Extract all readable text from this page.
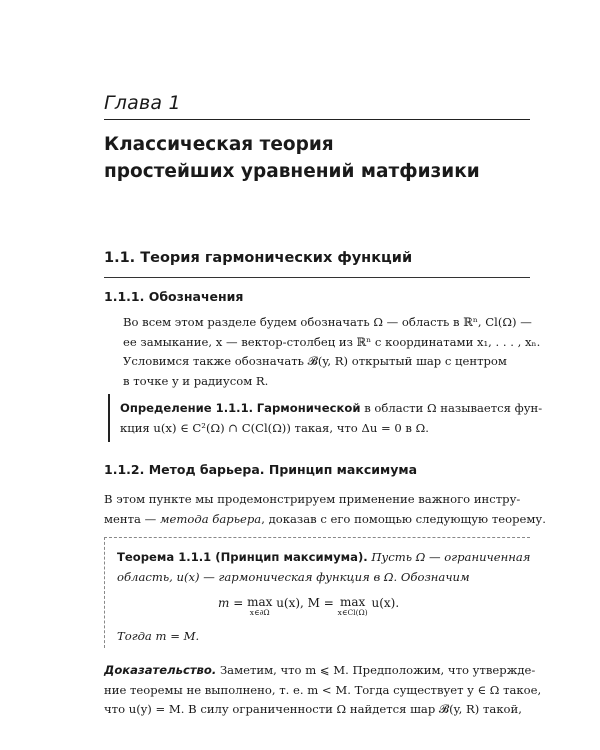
Глава 1
Классическая теория
простейших уравнений матфизики
1.1. Теория гармонических функций
1.1.1. Обозначения
Во всем этом разделе будем обозначать Ω — область в ℝⁿ, Cl(Ω) —
ее замыкание, x — вектор-столбец из ℝⁿ с координатами x₁, . . . , xₙ.
Условимся также обозначать 𝓑(y, R) открытый шар с центром
в точке y и радиусом R.
Определение 1.1.1. Гармонической в области Ω называется фун-
кция u(x) ∈ C²(Ω) ∩ C(Cl(Ω)) такая, что Δu = 0 в Ω.
1.1.2. Метод барьера. Принцип максимума
В этом пункте мы продемонстрируем применение важного инстру-
мента — метода барьера, доказав с его помощью следующую теорему.
Теорема 1.1.1 (Принцип максимума). Пусть Ω — ограниченная
область, u(x) — гармоническая функция в Ω. Обозначим
m = max
x∈∂Ω
u(x), M = max
x∈Cl(Ω)
u(x).
Тогда m = M.
Доказательство. Заметим, что m ⩽ M. Предположим, что утвержде-
ние теоремы не выполнено, т. е. m < M. Тогда существует y ∈ Ω такое,
что u(y) = M. В силу ограниченности Ω найдется шар 𝓑(y, R) такой,
